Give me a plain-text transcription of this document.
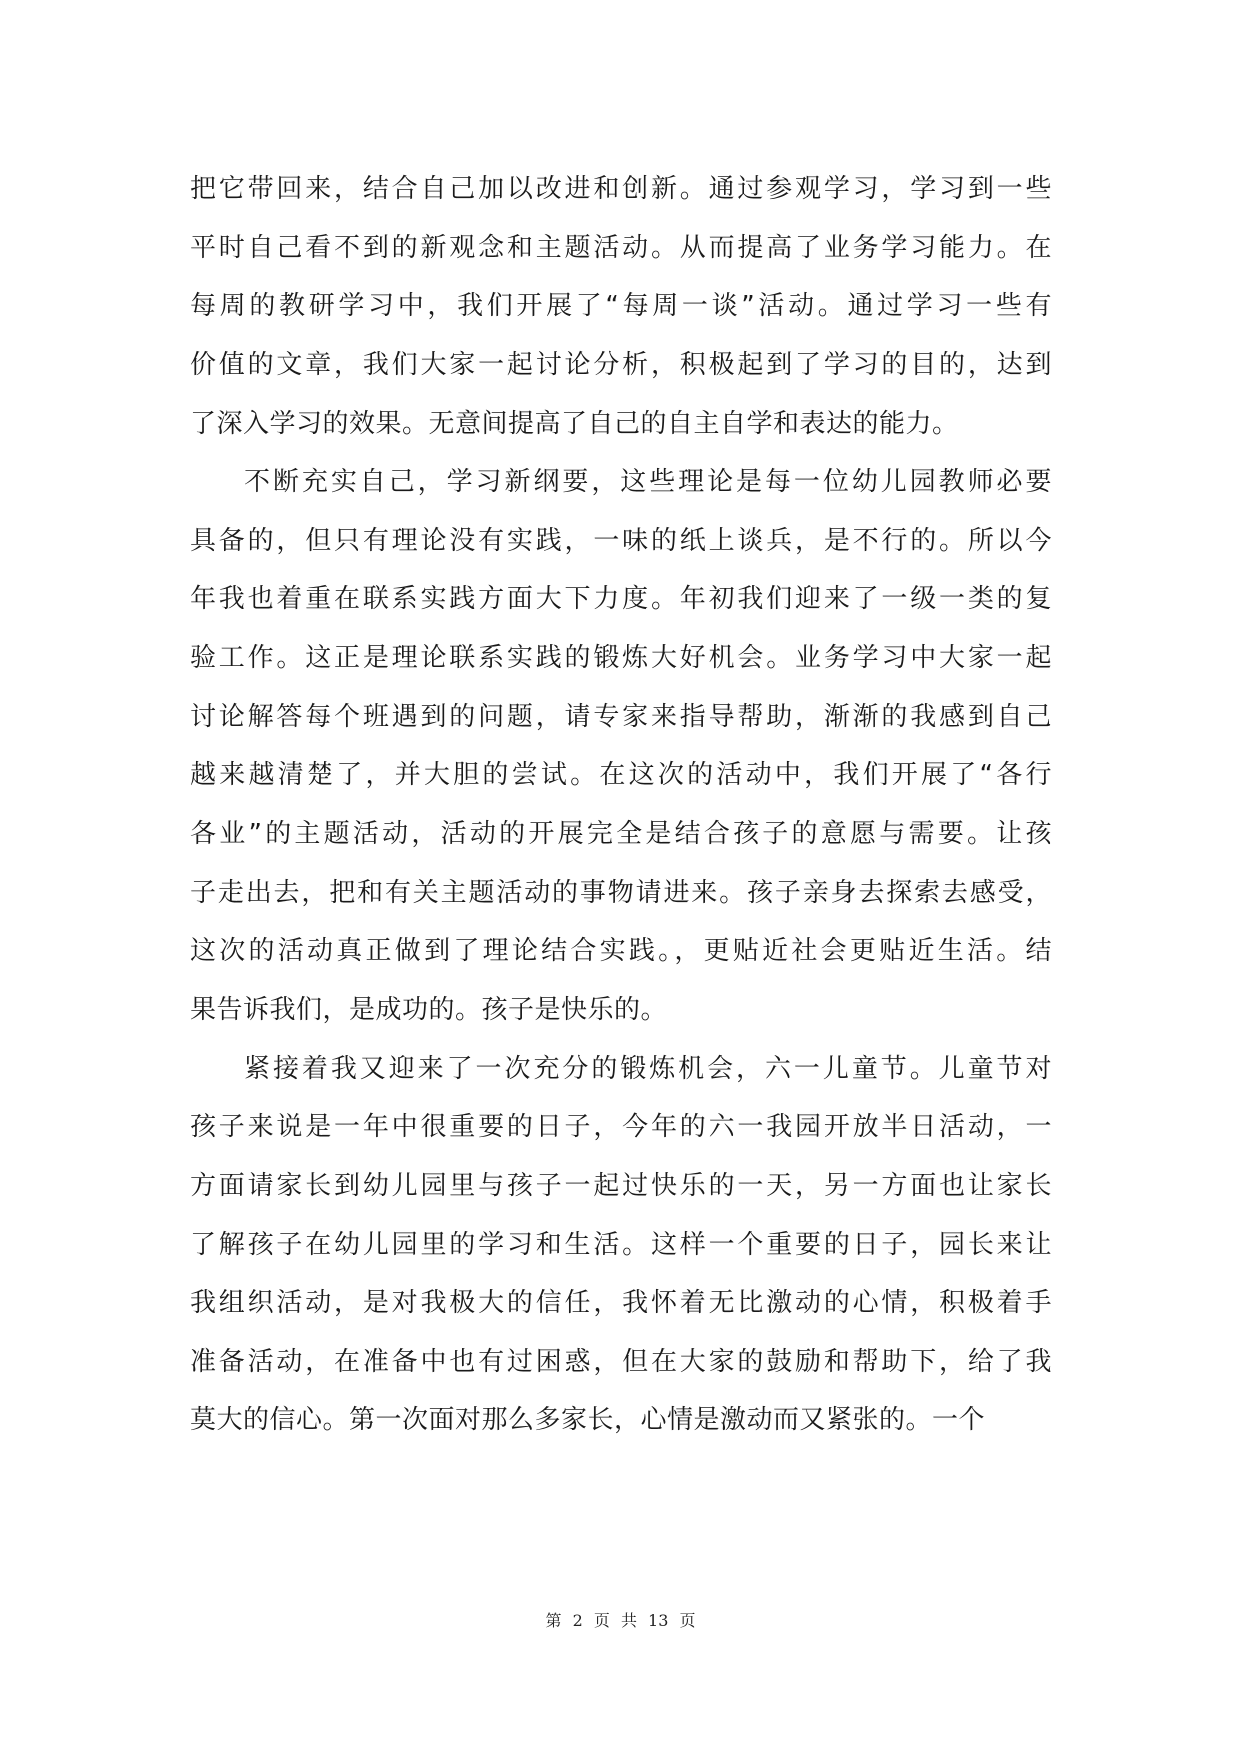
把它带回来，结合自己加以改进和创新。通过参观学习，学习到一些
平时自己看不到的新观念和主题活动。从而提高了业务学习能力。在
每周的教研学习中，我们开展了“每周一谈”活动。通过学习一些有
价值的文章，我们大家一起讨论分析，积极起到了学习的目的，达到
了深入学习的效果。无意间提高了自己的自主自学和表达的能力。
不断充实自己，学习新纲要，这些理论是每一位幼儿园教师必要
具备的，但只有理论没有实践，一味的纸上谈兵，是不行的。所以今
年我也着重在联系实践方面大下力度。年初我们迎来了一级一类的复
验工作。这正是理论联系实践的锻炼大好机会。业务学习中大家一起
讨论解答每个班遇到的问题，请专家来指导帮助，渐渐的我感到自己
越来越清楚了，并大胆的尝试。在这次的活动中，我们开展了“各行
各业”的主题活动，活动的开展完全是结合孩子的意愿与需要。让孩
子走出去，把和有关主题活动的事物请进来。孩子亲身去探索去感受，
这次的活动真正做到了理论结合实践。，更贴近社会更贴近生活。结
果告诉我们，是成功的。孩子是快乐的。
紧接着我又迎来了一次充分的锻炼机会，六一儿童节。儿童节对
孩子来说是一年中很重要的日子，今年的六一我园开放半日活动，一
方面请家长到幼儿园里与孩子一起过快乐的一天，另一方面也让家长
了解孩子在幼儿园里的学习和生活。这样一个重要的日子，园长来让
我组织活动，是对我极大的信任，我怀着无比激动的心情，积极着手
准备活动，在准备中也有过困惑，但在大家的鼓励和帮助下，给了我
莫大的信心。第一次面对那么多家长，心情是激动而又紧张的。一个
第 2 页 共 13 页
